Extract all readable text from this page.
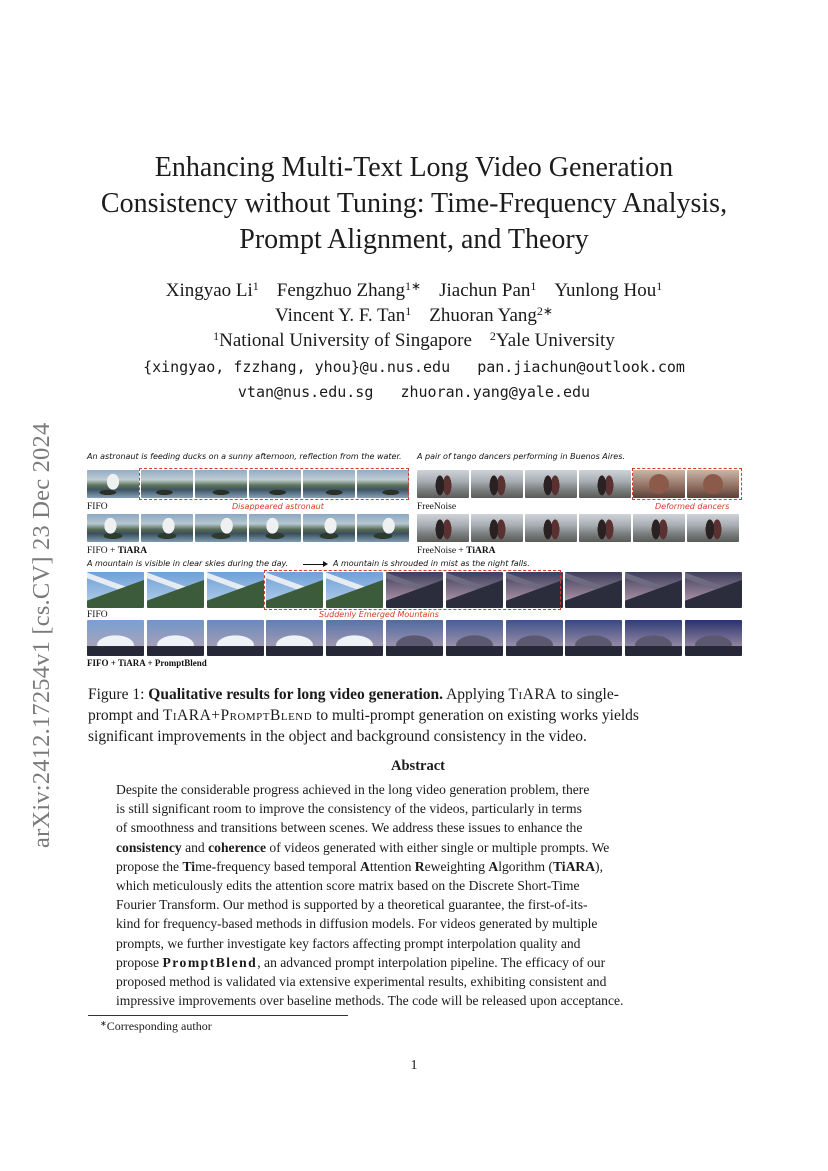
arXiv:2412.17254v1 [cs.CV] 23 Dec 2024
Enhancing Multi-Text Long Video Generation
Consistency without Tuning: Time-Frequency Analysis,
Prompt Alignment, and Theory
Xingyao Li$^1$ Fengzhuo Zhang$^{1∗}$ Jiachun Pan$^1$ Yunlong Hou$^1$
Vincent Y. F. Tan$^1$ Zhuoran Yang$^{2∗}$
$^1$National University of Singapore $^2$Yale University
{xingyao, fzzhang, yhou}@u.nus.edu   pan.jiachun@outlook.com
vtan@nus.edu.sg   zhuoran.yang@yale.edu
An astronaut is feeding ducks on a sunny afternoon, reflection from the water. A pair of tango dancers performing in Buenos Aires.
FIFO	Disappeared astronaut	FreeNoise	Deformed dancers
FIFO + TiARA	FreeNoise + TiARA
A mountain is visible in clear skies during the day.	A mountain is shrouded in mist as the night falls.
FIFO	Suddenly Emerged Mountains
FIFO + TiARA + PromptBlend
Figure 1: Qualitative results for long video generation. Applying TiARA to single-
prompt and TiARA+PromptBlend to multi-prompt generation on existing works yields
significant improvements in the object and background consistency in the video.
Abstract
Despite the considerable progress achieved in the long video generation problem, there
is still significant room to improve the consistency of the videos, particularly in terms
of smoothness and transitions between scenes. We address these issues to enhance the
consistency and coherence of videos generated with either single or multiple prompts. We
propose the Time-frequency based temporal Attention Reweighting Algorithm (TiARA),
which meticulously edits the attention score matrix based on the Discrete Short-Time
Fourier Transform. Our method is supported by a theoretical guarantee, the first-of-its-
kind for frequency-based methods in diffusion models. For videos generated by multiple
prompts, we further investigate key factors affecting prompt interpolation quality and
propose PromptBlend, an advanced prompt interpolation pipeline. The efficacy of our
proposed method is validated via extensive experimental results, exhibiting consistent and
impressive improvements over baseline methods. The code will be released upon acceptance.
∗Corresponding author
1
